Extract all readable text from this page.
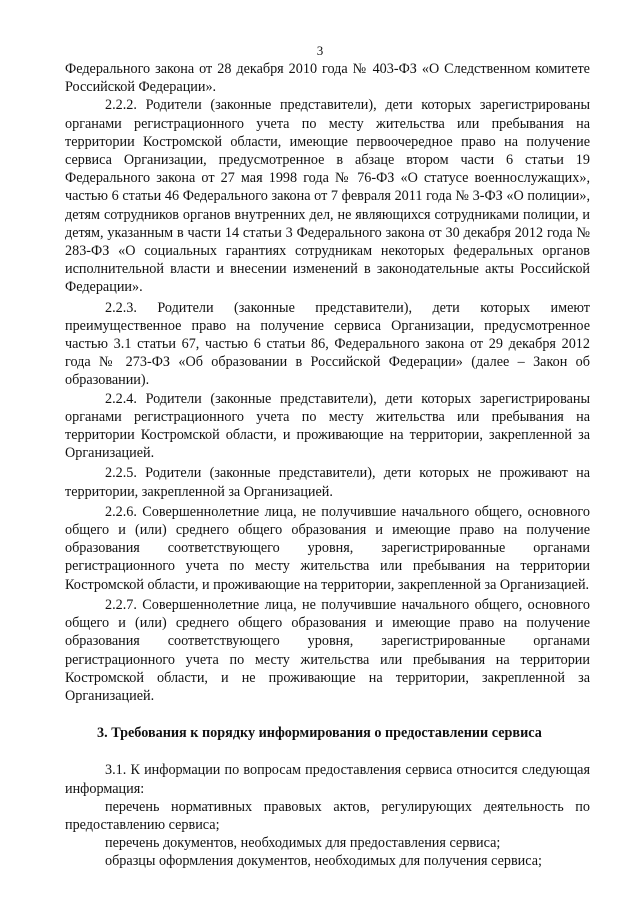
3

Федерального закона от 28 декабря 2010 года № 403-ФЗ «О Следственном комитете Российской Федерации».

2.2.2. Родители (законные представители), дети которых зарегистрированы органами регистрационного учета по месту жительства или пребывания на территории Костромской области, имеющие первоочередное право на получение сервиса Организации, предусмотренное в абзаце втором части 6 статьи 19 Федерального закона от 27 мая 1998 года № 76-ФЗ «О статусе военнослужащих», частью 6 статьи 46 Федерального закона от 7 февраля 2011 года № 3-ФЗ «О полиции», детям сотрудников органов внутренних дел, не являющихся сотрудниками полиции, и детям, указанным в части 14 статьи 3 Федерального закона от 30 декабря 2012 года № 283-ФЗ «О социальных гарантиях сотрудникам некоторых федеральных органов исполнительной власти и внесении изменений в законодательные акты Российской Федерации».

2.2.3. Родители (законные представители), дети которых имеют преимущественное право на получение сервиса Организации, предусмотренное частью 3.1 статьи 67, частью 6 статьи 86, Федерального закона от 29 декабря 2012 года № 273-ФЗ «Об образовании в Российской Федерации» (далее – Закон об образовании).

2.2.4. Родители (законные представители), дети которых зарегистрированы органами регистрационного учета по месту жительства или пребывания на территории Костромской области, и проживающие на территории, закрепленной за Организацией.

2.2.5. Родители (законные представители), дети которых не проживают на территории, закрепленной за Организацией.

2.2.6. Совершеннолетние лица, не получившие начального общего, основного общего и (или) среднего общего образования и имеющие право на получение образования соответствующего уровня, зарегистрированные органами регистрационного учета по месту жительства или пребывания на территории Костромской области, и проживающие на территории, закрепленной за Организацией.

2.2.7. Совершеннолетние лица, не получившие начального общего, основного общего и (или) среднего общего образования и имеющие право на получение образования соответствующего уровня, зарегистрированные органами регистрационного учета по месту жительства или пребывания на территории Костромской области, и не проживающие на территории, закрепленной за Организацией.

3. Требования к порядку информирования о предоставлении сервиса

3.1. К информации по вопросам предоставления сервиса относится следующая информация:

перечень нормативных правовых актов, регулирующих деятельность по предоставлению сервиса;

перечень документов, необходимых для предоставления сервиса;

образцы оформления документов, необходимых для получения сервиса;
